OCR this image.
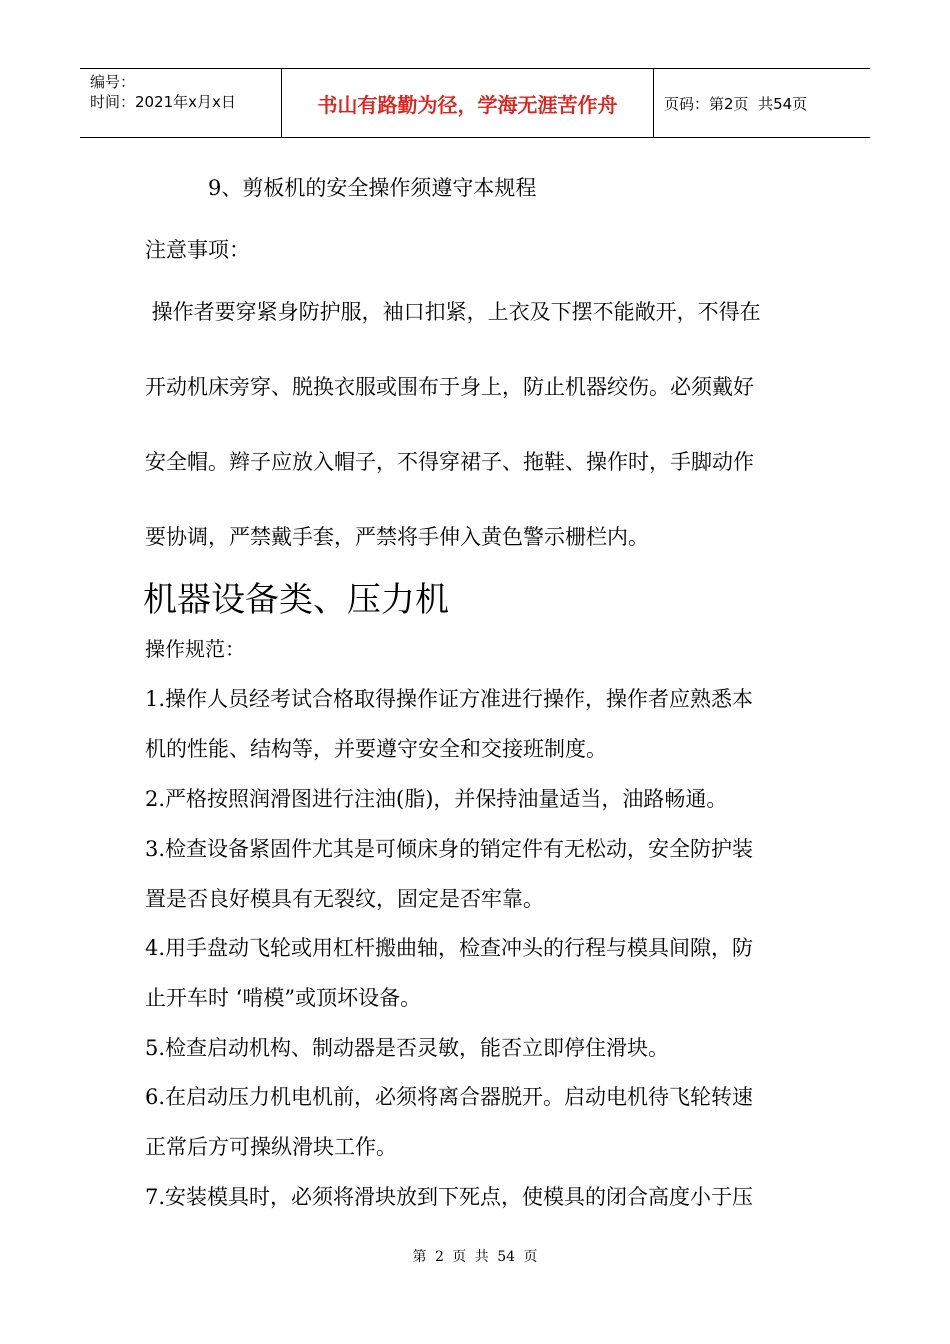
编号：
时间：2021年x月x日	书山有路勤为径，学海无涯苦作舟	页码：第2页  共54页
9、剪板机的安全操作须遵守本规程
注意事项：
操作者要穿紧身防护服，袖口扣紧，上衣及下摆不能敞开，不得在
开动机床旁穿、脱换衣服或围布于身上，防止机器绞伤。必须戴好
安全帽。辫子应放入帽子，不得穿裙子、拖鞋、操作时，手脚动作
要协调，严禁戴手套，严禁将手伸入黄色警示栅栏内。
机器设备类、压力机
操作规范：
1.操作人员经考试合格取得操作证方准进行操作，操作者应熟悉本
机的性能、结构等，并要遵守安全和交接班制度。
2.严格按照润滑图进行注油(脂)，并保持油量适当，油路畅通。
3.检查设备紧固件尤其是可倾床身的销定件有无松动，安全防护装
置是否良好模具有无裂纹，固定是否牢靠。
4.用手盘动飞轮或用杠杆搬曲轴，检查冲头的行程与模具间隙，防
止开车时 ‘啃模”或顶坏设备。
5.检查启动机构、制动器是否灵敏，能否立即停住滑块。
6.在启动压力机电机前，必须将离合器脱开。启动电机待飞轮转速
正常后方可操纵滑块工作。
7.安装模具时，必须将滑块放到下死点，使模具的闭合高度小于压
第 2 页 共 54 页
